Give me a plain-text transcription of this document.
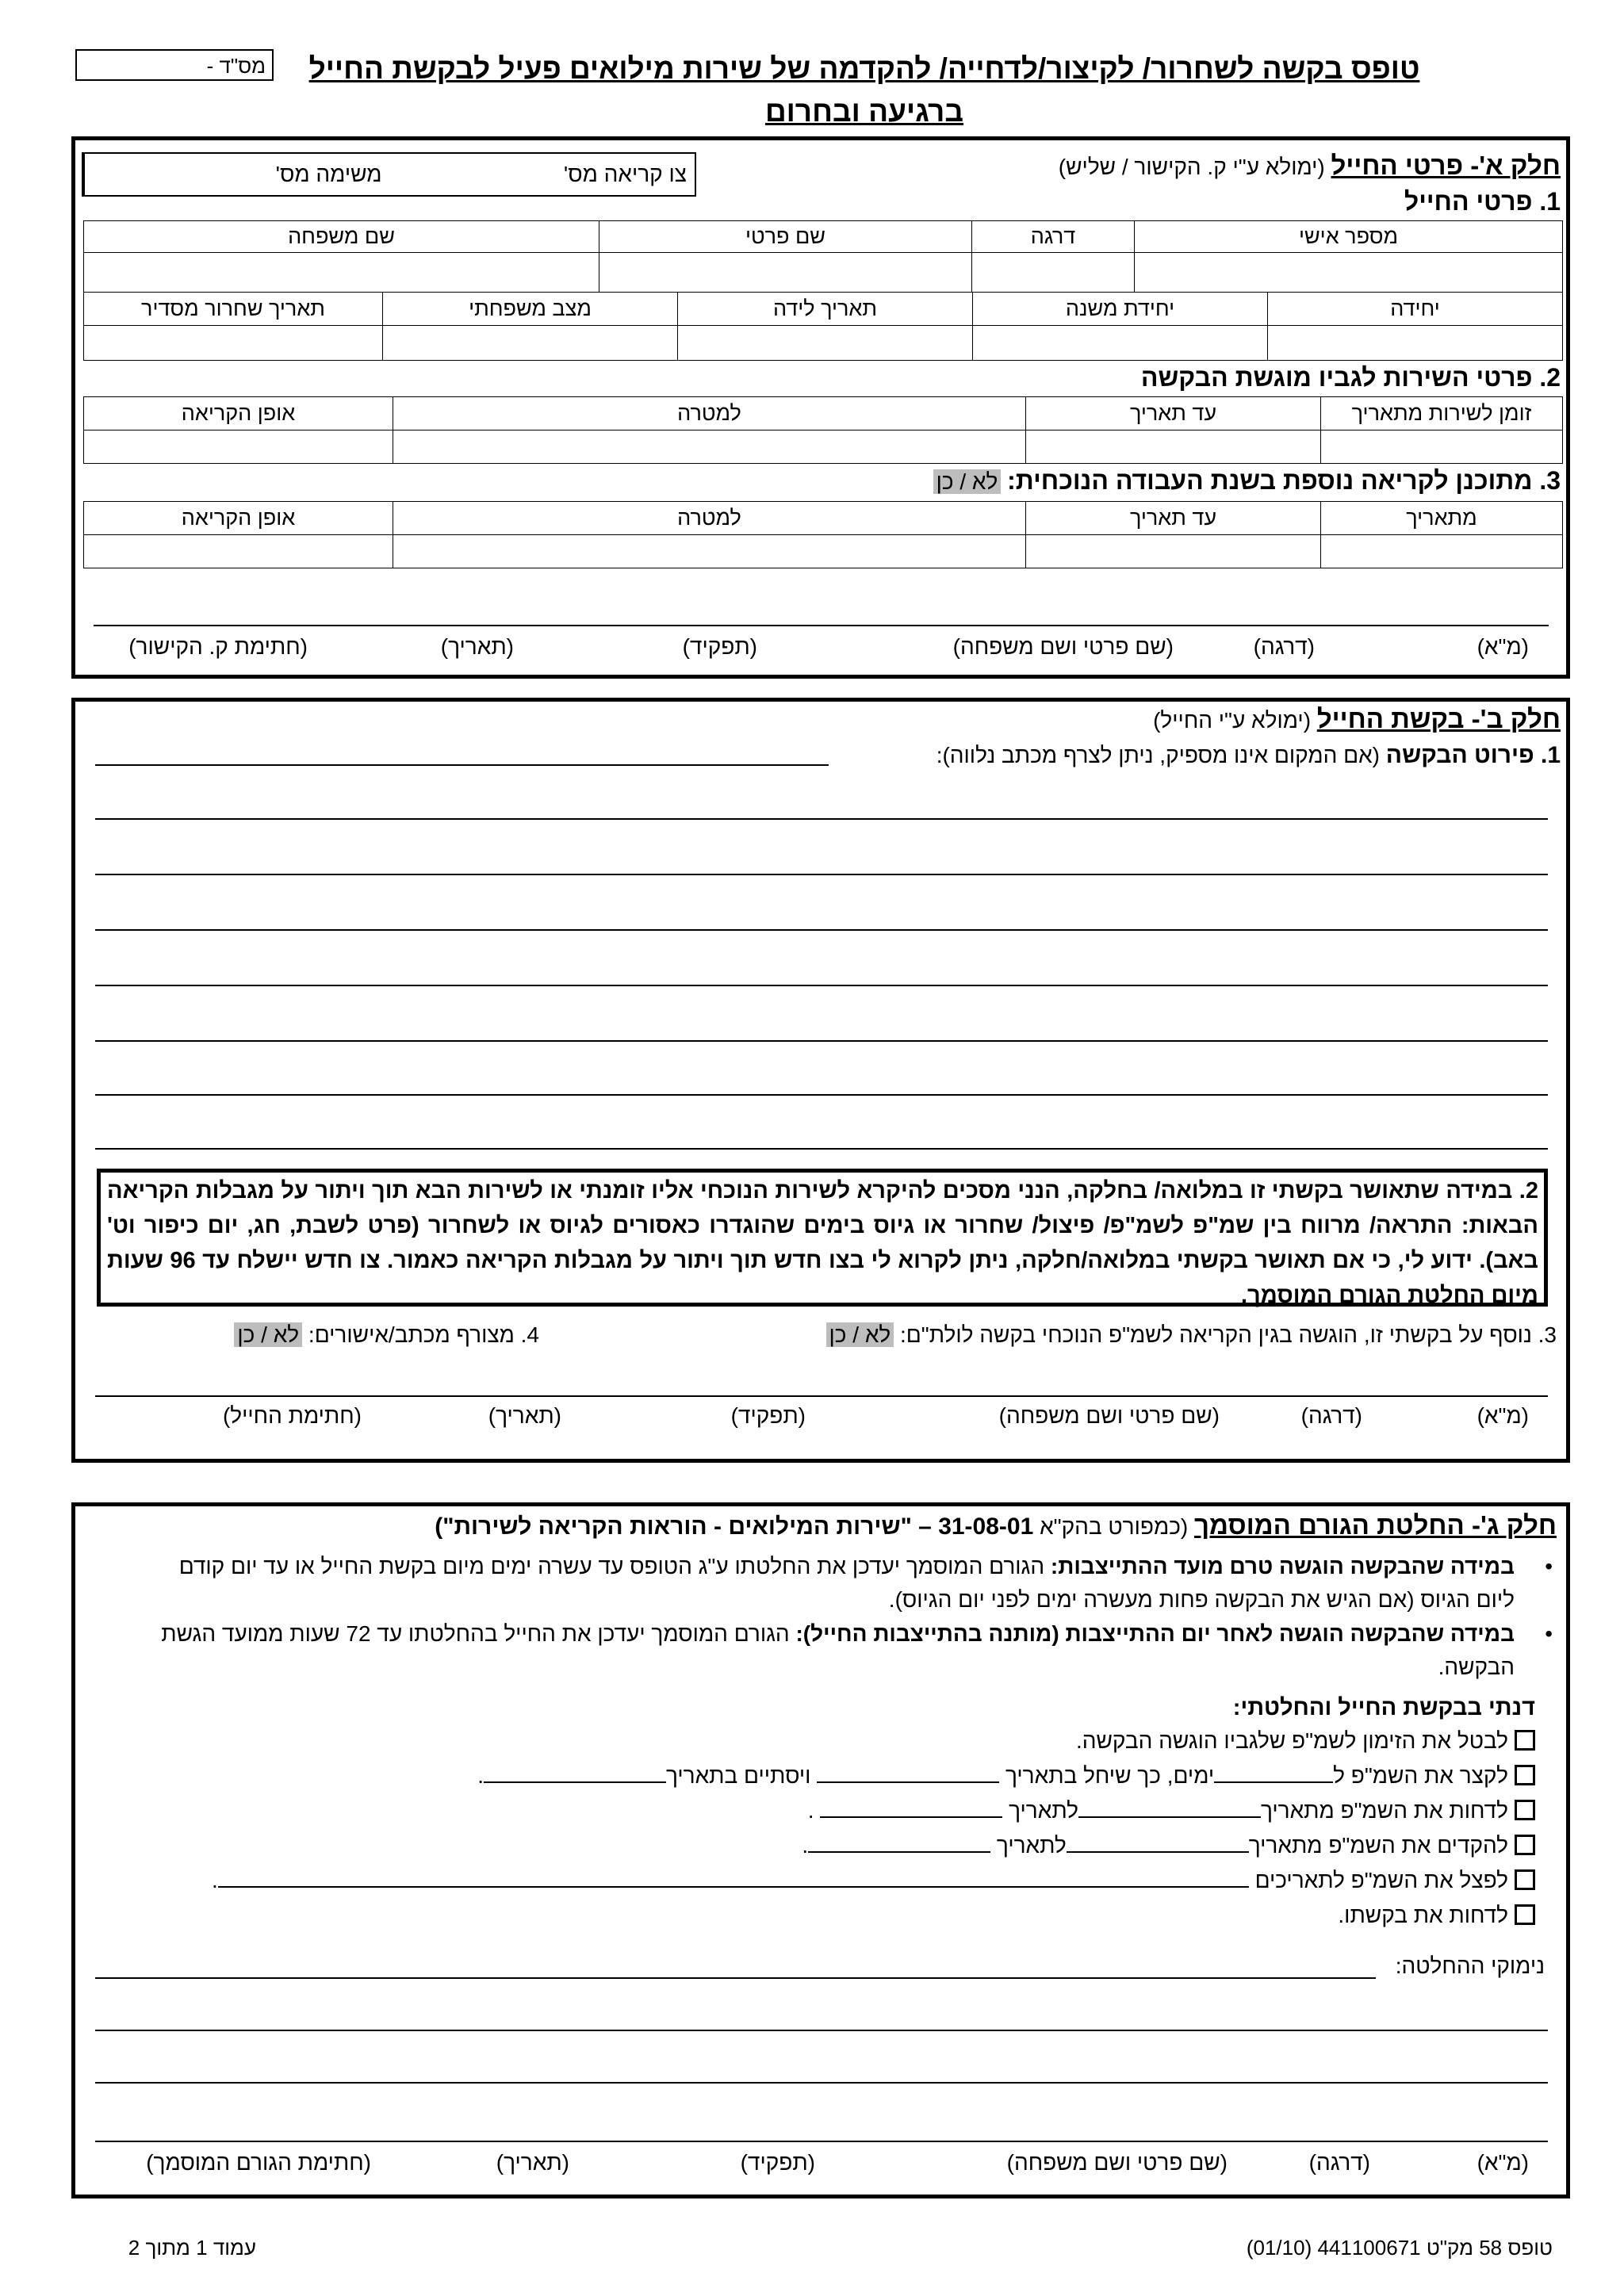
מס"ד -	טופס בקשה לשחרור/ לקיצור/לדחייה/ להקדמה של שירות מילואים פעיל לבקשת החייל
ברגיעה ובחרום
חלק א'- פרטי החייל (ימולא ע"י ק. הקישור / שליש)
משימה מס'	צו קריאה מס'
1. פרטי החייל
מספר אישי	דרגה	שם פרטי	שם משפחה

יחידה	יחידת משנה	תאריך לידה	מצב משפחתי	תאריך שחרור מסדיר

2. פרטי השירות לגביו מוגשת הבקשה
זומן לשירות מתאריך	עד תאריך	למטרה	אופן הקריאה

3. מתוכנן לקריאה נוספת בשנת העבודה הנוכחית: לא / כן
מתאריך	עד תאריך	למטרה	אופן הקריאה

(מ"א)
(דרגה)
(שם פרטי ושם משפחה)
(תפקיד)
(תאריך)
(חתימת ק. הקישור)
חלק ב'- בקשת החייל (ימולא ע"י החייל)
1. פירוט הבקשה (אם המקום אינו מספיק, ניתן לצרף מכתב נלווה):
2. במידה שתאושר בקשתי זו במלואה/ בחלקה, הנני מסכים להיקרא לשירות הנוכחי אליו זומנתי או לשירות הבא תוך ויתור על מגבלות הקריאה הבאות: התראה/ מרווח בין שמ"פ לשמ"פ/ פיצול/ שחרור או גיוס בימים שהוגדרו כאסורים לגיוס או לשחרור (פרט לשבת, חג, יום כיפור וט' באב). ידוע לי, כי אם תאושר בקשתי במלואה/חלקה, ניתן לקרוא לי בצו חדש תוך ויתור על מגבלות הקריאה כאמור. צו חדש יישלח עד 96 שעות מיום החלטת הגורם המוסמך.
3. נוסף על בקשתי זו, הוגשה בגין הקריאה לשמ"פ הנוכחי בקשה לולת"ם: לא / כן
4. מצורף מכתב/אישורים: לא / כן
(מ"א)
(דרגה)
(שם פרטי ושם משפחה)
(תפקיד)
(תאריך)
(חתימת החייל)
חלק ג'- החלטת הגורם המוסמך (כמפורט בהק"א 31-08-01 – "שירות המילואים - הוראות הקריאה לשירות")
•
במידה שהבקשה הוגשה טרם מועד ההתייצבות: הגורם המוסמך יעדכן את החלטתו ע"ג הטופס עד עשרה ימים מיום בקשת החייל או עד יום קודם ליום הגיוס (אם הגיש את הבקשה פחות מעשרה ימים לפני יום הגיוס).
•
במידה שהבקשה הוגשה לאחר יום ההתייצבות (מותנה בהתייצבות החייל): הגורם המוסמך יעדכן את החייל בהחלטתו עד 72 שעות ממועד הגשת הבקשה.
דנתי בבקשת החייל והחלטתי:
לבטל את הזימון לשמ"פ שלגביו הוגשה הבקשה.
לקצר את השמ"פ לימים, כך שיחל בתאריך  ויסתיים בתאריך.
לדחות את השמ"פ מתאריךלתאריך  .
להקדים את השמ"פ מתאריךלתאריך .
לפצל את השמ"פ לתאריכים .
לדחות את בקשתו.
נימוקי ההחלטה:
(מ"א)
(דרגה)
(שם פרטי ושם משפחה)
(תפקיד)
(תאריך)
(חתימת הגורם המוסמך)
טופס 58 מק"ט 441100671 (01/10)
עמוד 1 מתוך 2
